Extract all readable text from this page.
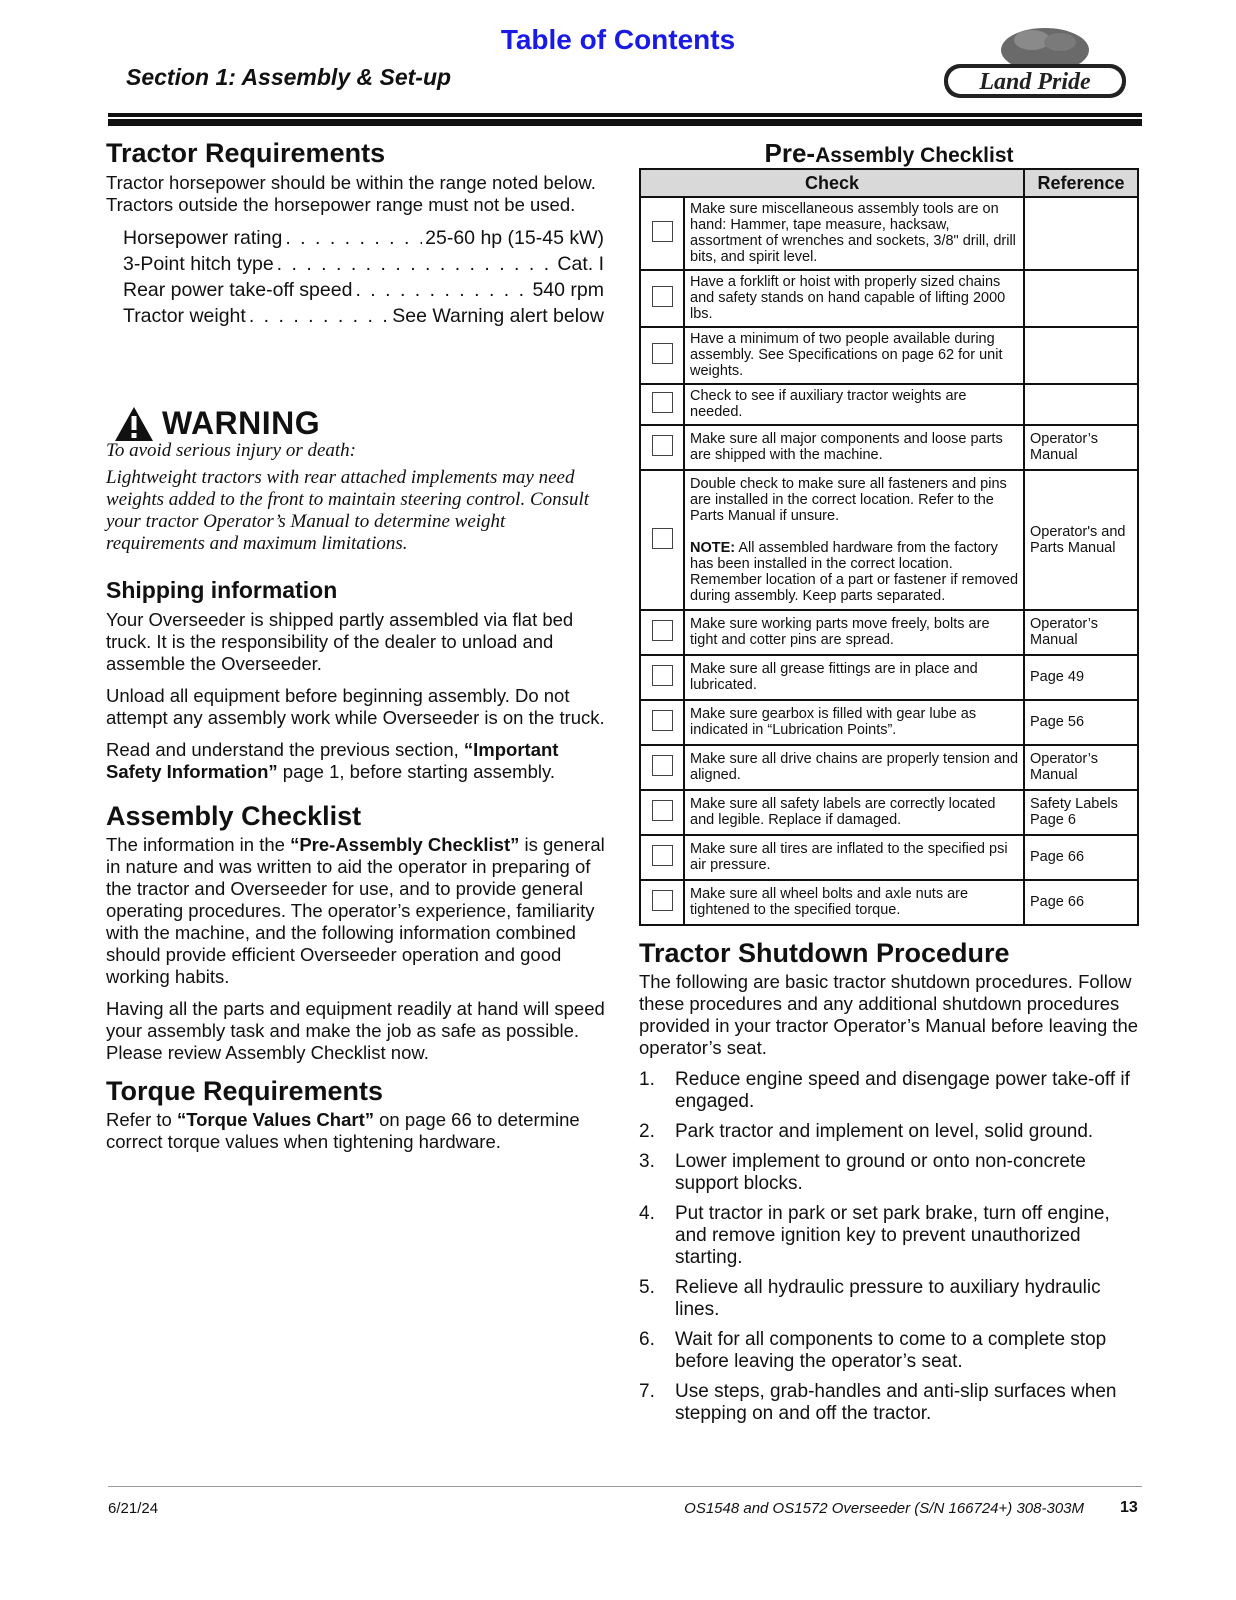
Table of Contents
Section 1: Assembly & Set-up	Land Pride
Tractor Requirements

Tractor horsepower should be within the range noted below. Tractors outside the horsepower range must not be used.

Horsepower rating . . .	25-60 hp (15-45 kW)
3-Point hitch type . . .	Cat. I
Rear power take-off speed . . .	540 rpm
Tractor weight . . .	See Warning alert below
WARNING

To avoid serious injury or death:

Lightweight tractors with rear attached implements may need weights added to the front to maintain steering control. Consult your tractor Operator’s Manual to determine weight requirements and maximum limitations.

Shipping information

Your Overseeder is shipped partly assembled via flat bed truck. It is the responsibility of the dealer to unload and assemble the Overseeder.

Unload all equipment before beginning assembly. Do not attempt any assembly work while Overseeder is on the truck.

Read and understand the previous section, “Important Safety Information” page 1, before starting assembly.

Assembly Checklist

The information in the “Pre-Assembly Checklist” is general in nature and was written to aid the operator in preparing of the tractor and Overseeder for use, and to provide general operating procedures. The operator’s experience, familiarity with the machine, and the following information combined should provide efficient Overseeder operation and good working habits.

Having all the parts and equipment readily at hand will speed your assembly task and make the job as safe as possible. Please review Assembly Checklist now.

Torque Requirements

Refer to “Torque Values Chart” on page 66 to determine correct torque values when tightening hardware.

Pre-Assembly Checklist
Check		Reference
	Make sure miscellaneous assembly tools are on hand: Hammer, tape measure, hacksaw, assortment of wrenches and sockets, 3/8" drill, drill bits, and spirit level.	
	Have a forklift or hoist with properly sized chains and safety stands on hand capable of lifting 2000 lbs.	
	Have a minimum of two people available during assembly. See Specifications on page 62 for unit weights.	
	Check to see if auxiliary tractor weights are needed.	
	Make sure all major components and loose parts are shipped with the machine.	Operator’s Manual

	Double check to make sure all fasteners and pins are installed in the correct location. Refer to the Parts Manual if unsure.
NOTE: All assembled hardware from the factory has been installed in the correct location. Remember location of a part or fastener if removed during assembly. Keep parts separated.	Operator's and Parts Manual
	Make sure working parts move freely, bolts are tight and cotter pins are spread.	Operator’s Manual
	Make sure all grease fittings are in place and lubricated.	Page 49
	Make sure gearbox is filled with gear lube as indicated in “Lubrication Points”.	Page 56
	Make sure all drive chains are properly tension and aligned.	Operator’s Manual
	Make sure all safety labels are correctly located and legible. Replace if damaged.	Safety Labels Page 6
	Make sure all tires are inflated to the specified psi air pressure.	Page 66
	Make sure all wheel bolts and axle nuts are tightened to the specified torque.	Page 66
Tractor Shutdown Procedure

The following are basic tractor shutdown procedures. Follow these procedures and any additional shutdown procedures provided in your tractor Operator’s Manual before leaving the operator’s seat.

1.	Reduce engine speed and disengage power take-off if engaged.
2.	Park tractor and implement on level, solid ground.
3.	Lower implement to ground or onto non-concrete support blocks.
4.	Put tractor in park or set park brake, turn off engine, and remove ignition key to prevent unauthorized starting.
5.	Relieve all hydraulic pressure to auxiliary hydraulic lines.
6.	Wait for all components to come to a complete stop before leaving the operator’s seat.
7.	Use steps, grab-handles and anti-slip surfaces when stepping on and off the tractor.
6/21/24	OS1548 and OS1572 Overseeder (S/N 166724+) 308-303M 13
